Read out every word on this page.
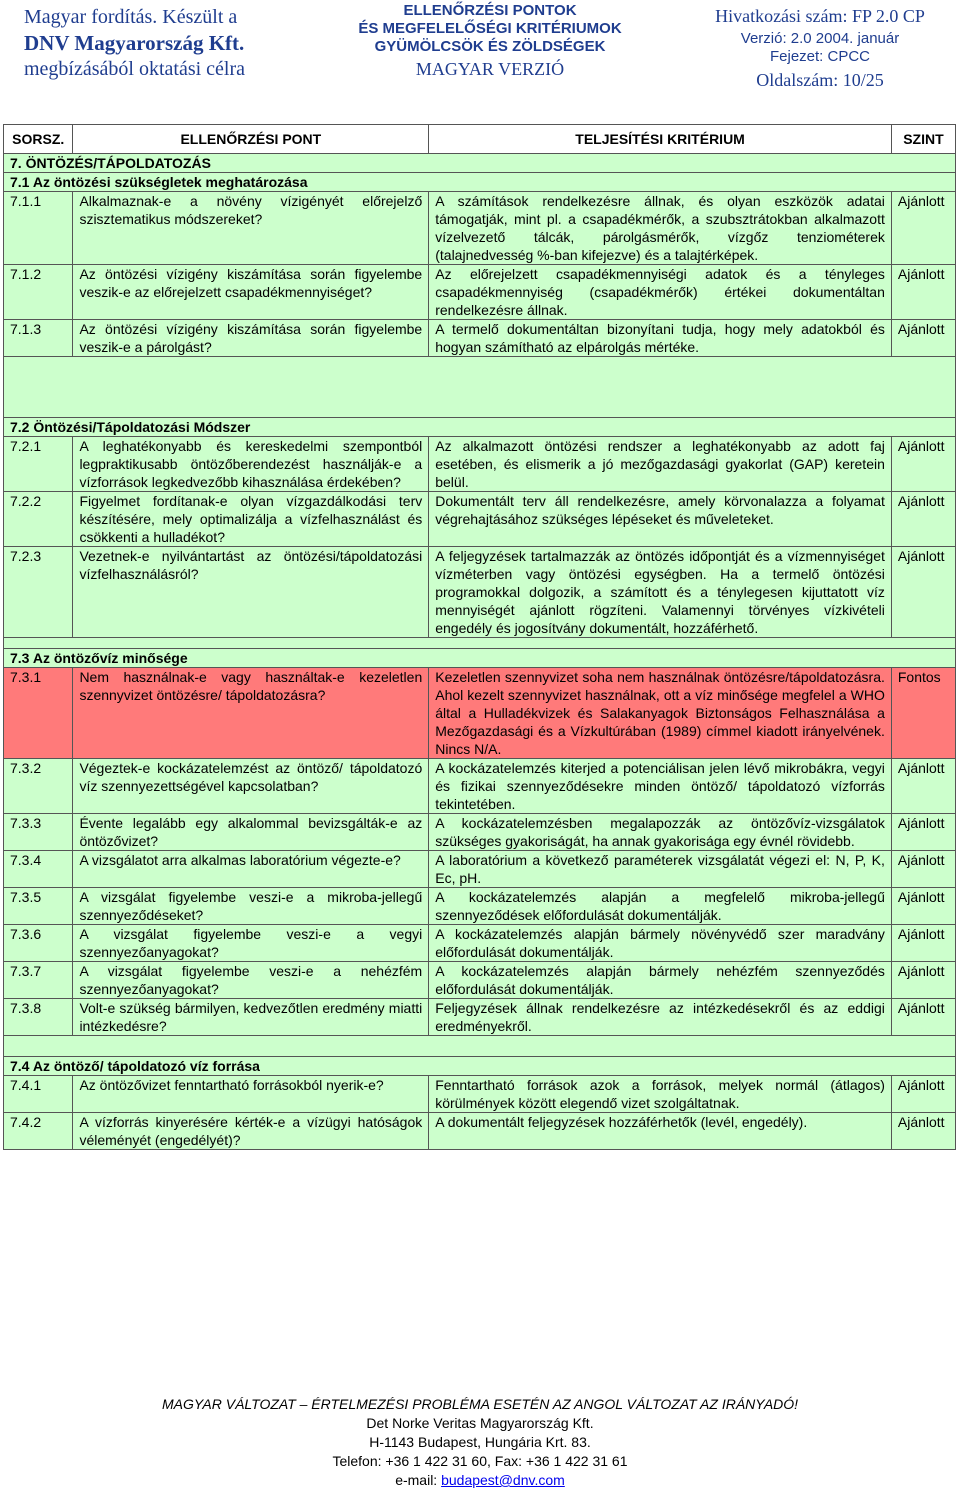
Magyar fordítás. Készült a
DNV Magyarország Kft.
megbízásából oktatási célra
ELLENŐRZÉSI PONTOK
ÉS MEGFELELŐSÉGI KRITÉRIUMOK
GYÜMÖLCSÖK ÉS ZÖLDSÉGEK
MAGYAR VERZIÓ
Hivatkozási szám: FP 2.0 CP
Verzió: 2.0 2004. január
Fejezet: CPCC
Oldalszám: 10/25
SORSZ.	ELLENŐRZÉSI PONT	TELJESÍTÉSI KRITÉRIUM	SZINT
7. ÖNTÖZÉS/TÁPOLDATOZÁS			
7.1 Az öntözési szükségletek meghatározása			
7.1.1	Alkalmaznak-e a növény vízigényét előrejelző szisztematikus módszereket?	A számítások rendelkezésre állnak, és olyan eszközök adatai támogatják, mint pl. a csapadékmérők, a szubsztrátokban alkalmazott vízelvezető tálcák, párolgásmérők, vízgőz tenziométerek (talajnedvesség %-ban kifejezve) és a talajtérképek.	Ajánlott
7.1.2	Az öntözési vízigény kiszámítása során figyelembe veszik-e az előrejelzett csapadékmennyiséget?	Az előrejelzett csapadékmennyiségi adatok és a tényleges csapadékmennyiség (csapadékmérők) értékei dokumentáltan rendelkezésre állnak.	Ajánlott
7.1.3	Az öntözési vízigény kiszámítása során figyelembe veszik-e a párolgást?	A termelő dokumentáltan bizonyítani tudja, hogy mely adatokból és hogyan számítható az elpárolgás mértéke.	Ajánlott

7.2 Öntözési/Tápoldatozási Módszer			
7.2.1	A leghatékonyabb és kereskedelmi szempontból legpraktikusabb öntözőberendezést használják-e a vízforrások legkedvezőbb kihasználása érdekében?	Az alkalmazott öntözési rendszer a leghatékonyabb az adott faj esetében, és elismerik a jó mezőgazdasági gyakorlat (GAP) keretein belül.	Ajánlott
7.2.2	Figyelmet fordítanak-e olyan vízgazdálkodási terv készítésére, mely optimalizálja a vízfelhasználást és csökkenti a hulladékot?	Dokumentált terv áll rendelkezésre, amely körvonalazza a folyamat végrehajtásához szükséges lépéseket és műveleteket.	Ajánlott
7.2.3	Vezetnek-e nyilvántartást az öntözési/tápoldatozási vízfelhasználásról?	A feljegyzések tartalmazzák az öntözés időpontját és a vízmennyiséget vízméterben vagy öntözési egységben. Ha a termelő öntözési programokkal dolgozik, a számított és a ténylegesen kijuttatott víz mennyiségét ajánlott rögzíteni. Valamennyi törvényes vízkivételi engedély és jogosítvány dokumentált, hozzáférhető.	Ajánlott

7.3 Az öntözővíz minősége			
7.3.1	Nem használnak-e vagy használtak-e kezeletlen szennyvizet öntözésre/ tápoldatozásra?	Kezeletlen szennyvizet soha nem használnak öntözésre/tápoldatozásra. Ahol kezelt szennyvizet használnak, ott a víz minősége megfelel a WHO által a Hulladékvizek és Salakanyagok Biztonságos Felhasználása a Mezőgazdasági és a Vízkultúrában (1989) címmel kiadott irányelvének. Nincs N/A.	Fontos
7.3.2	Végeztek-e kockázatelemzést az öntöző/ tápoldatozó víz szennyezettségével kapcsolatban?	A kockázatelemzés kiterjed a potenciálisan jelen lévő mikrobákra, vegyi és fizikai szennyeződésekre minden öntöző/ tápoldatozó vízforrás tekintetében.	Ajánlott
7.3.3	Évente legalább egy alkalommal bevizsgálták-e az öntözővizet?	A kockázatelemzésben megalapozzák az öntözővíz-vizsgálatok szükséges gyakoriságát, ha annak gyakorisága egy évnél rövidebb.	Ajánlott
7.3.4	A vizsgálatot arra alkalmas laboratórium végezte-e?	A laboratórium a következő paraméterek vizsgálatát végezi el: N, P, K, Ec, pH.	Ajánlott
7.3.5	A vizsgálat figyelembe veszi-e a mikroba-jellegű szennyeződéseket?	A kockázatelemzés alapján a megfelelő mikroba-jellegű szennyeződések előfordulását dokumentálják.	Ajánlott
7.3.6	A vizsgálat figyelembe veszi-e a vegyi szennyezőanyagokat?	A kockázatelemzés alapján bármely növényvédő szer maradvány előfordulását dokumentálják.	Ajánlott
7.3.7	A vizsgálat figyelembe veszi-e a nehézfém szennyezőanyagokat?	A kockázatelemzés alapján bármely nehézfém szennyeződés előfordulását dokumentálják.	Ajánlott
7.3.8	Volt-e szükség bármilyen, kedvezőtlen eredmény miatti intézkedésre?	Feljegyzések állnak rendelkezésre az intézkedésekről és az eddigi eredményekről.	Ajánlott

7.4 Az öntöző/ tápoldatozó víz forrása			
7.4.1	Az öntözővizet fenntartható forrásokból nyerik-e?	Fenntartható források azok a források, melyek normál (átlagos) körülmények között elegendő vizet szolgáltatnak.	Ajánlott
7.4.2	A vízforrás kinyerésére kérték-e a vízügyi hatóságok véleményét (engedélyét)?	A dokumentált feljegyzések hozzáférhetők (levél, engedély).	Ajánlott
MAGYAR VÁLTOZAT – ÉRTELMEZÉSI PROBLÉMA ESETÉN AZ ANGOL VÁLTOZAT AZ IRÁNYADÓ!
Det Norke Veritas Magyarország Kft.
H-1143 Budapest, Hungária Krt. 83.
Telefon: +36 1 422 31 60, Fax: +36 1 422 31 61
e-mail: budapest@dnv.com
